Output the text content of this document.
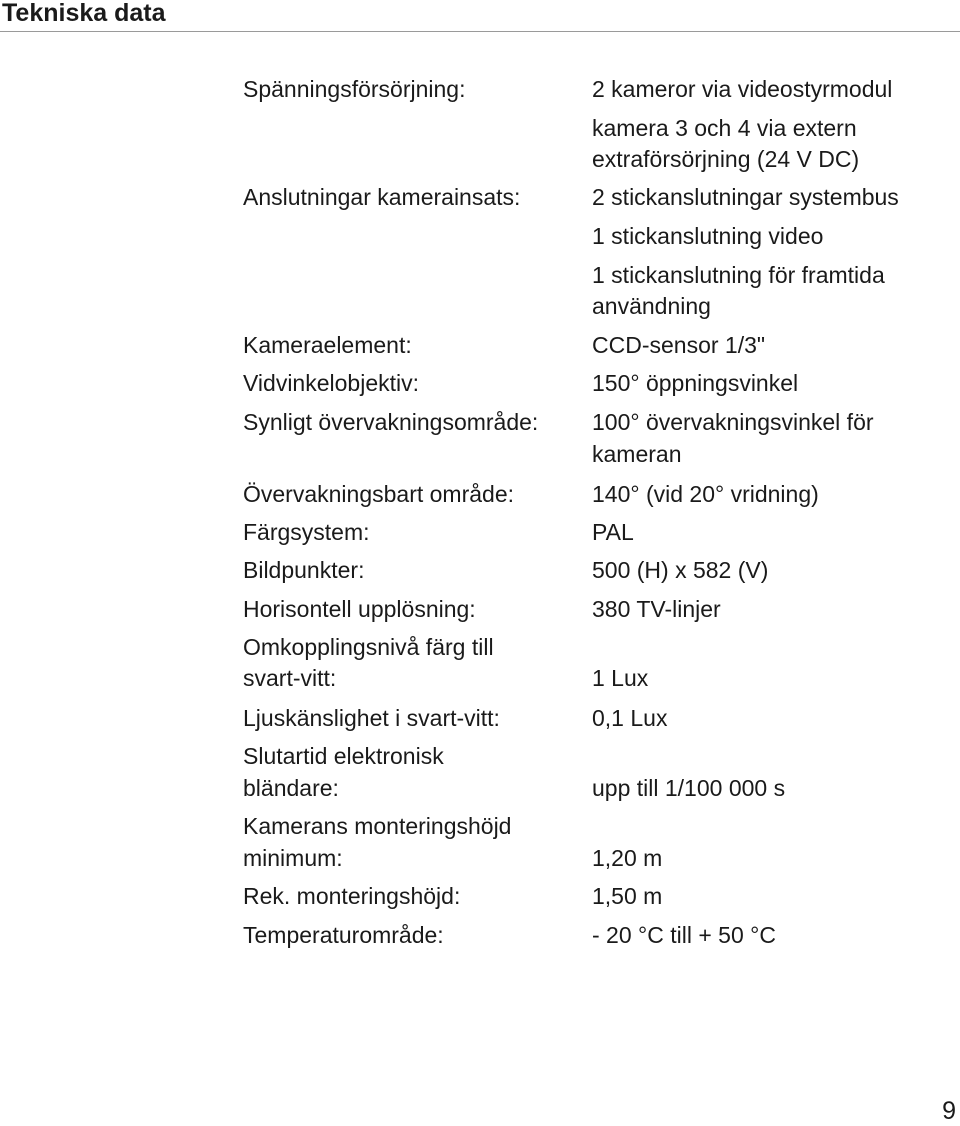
Tekniska data
Spänningsförsörjning:	2 kameror via videostyrmodul
kamera 3 och 4 via extern
extraförsörjning (24 V DC)
Anslutningar kamerainsats:	2 stickanslutningar systembus
1 stickanslutning video
1 stickanslutning för framtida
användning
Kameraelement:	CCD-sensor 1/3"
Vidvinkelobjektiv:	150° öppningsvinkel
Synligt övervakningsområde: 100° övervakningsvinkel för
kameran
Övervakningsbart område:	140° (vid 20° vridning)
Färgsystem:	PAL
Bildpunkter:	500 (H) x 582 (V)
Horisontell upplösning:	380 TV-linjer
Omkopplingsnivå färg till
svart-vitt:	1 Lux
Ljuskänslighet i svart-vitt:	0,1 Lux
Slutartid elektronisk
bländare:	upp till 1/100 000 s
Kamerans monteringshöjd
minimum:	1,20 m
Rek. monteringshöjd:	1,50 m
Temperaturområde:	- 20 °C till + 50 °C
9
